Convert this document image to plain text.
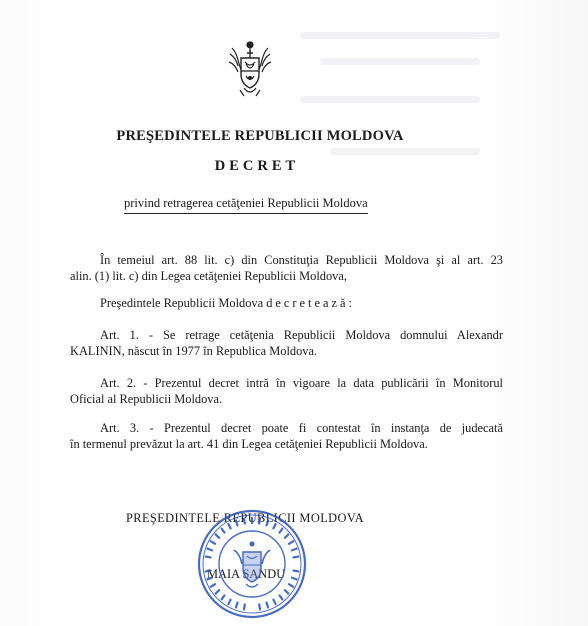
PREŞEDINTELE REPUBLICII MOLDOVA
DECRET
privind retragerea cetăţeniei Republicii Moldova
În temeiul art. 88 lit. c) din Constituţia Republicii Moldova şi al art. 23
alin. (1) lit. c) din Legea cetăţeniei Republicii Moldova,
Preşedintele Republicii Moldova decretează:
Art. 1. - Se retrage cetăţenia Republicii Moldova domnului Alexandr
KALININ, născut în 1977 în Republica Moldova.
Art. 2. - Prezentul decret intră în vigoare la data publicării în Monitorul
Oficial al Republicii Moldova.
Art. 3. - Prezentul decret poate fi contestat în instanţa de judecată
în termenul prevăzut la art. 41 din Legea cetăţeniei Republicii Moldova.
PREŞEDINTELE REPUBLICII MOLDOVA
MAIA SANDU
